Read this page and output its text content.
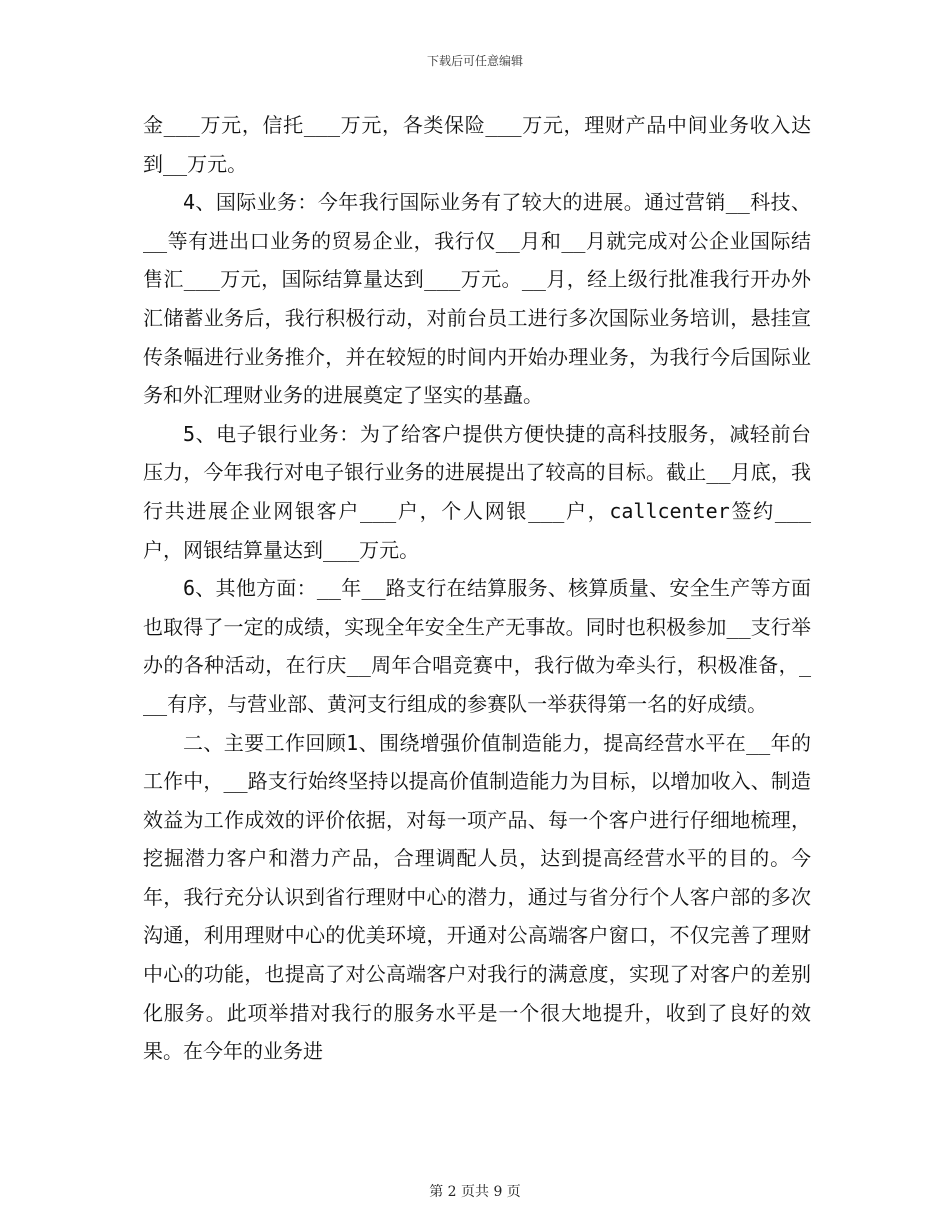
下载后可任意编辑

金___万元，信托___万元，各类保险___万元，理财产品中间业务收入达到__万元。

4、国际业务：今年我行国际业务有了较大的进展。通过营销__科技、__等有进出口业务的贸易企业，我行仅__月和__月就完成对公企业国际结售汇___万元，国际结算量达到___万元。__月，经上级行批准我行开办外汇储蓄业务后，我行积极行动，对前台员工进行多次国际业务培训，悬挂宣传条幅进行业务推介，并在较短的时间内开始办理业务，为我行今后国际业务和外汇理财业务的进展奠定了坚实的基矗。

5、电子银行业务：为了给客户提供方便快捷的高科技服务，减轻前台压力，今年我行对电子银行业务的进展提出了较高的目标。截止__月底，我行共进展企业网银客户___户，个人网银___户，callcenter签约___户，网银结算量达到___万元。

6、其他方面：__年__路支行在结算服务、核算质量、安全生产等方面也取得了一定的成绩，实现全年安全生产无事故。同时也积极参加__支行举办的各种活动，在行庆__周年合唱竞赛中，我行做为牵头行，积极准备，___有序，与营业部、黄河支行组成的参赛队一举获得第一名的好成绩。

二、主要工作回顾1、围绕增强价值制造能力，提高经营水平在__年的工作中，__路支行始终坚持以提高价值制造能力为目标，以增加收入、制造效益为工作成效的评价依据，对每一项产品、每一个客户进行仔细地梳理，挖掘潜力客户和潜力产品，合理调配人员，达到提高经营水平的目的。今年，我行充分认识到省行理财中心的潜力，通过与省分行个人客户部的多次沟通，利用理财中心的优美环境，开通对公高端客户窗口，不仅完善了理财中心的功能，也提高了对公高端客户对我行的满意度，实现了对客户的差别化服务。此项举措对我行的服务水平是一个很大地提升，收到了良好的效果。在今年的业务进

第 2 页共 9 页
